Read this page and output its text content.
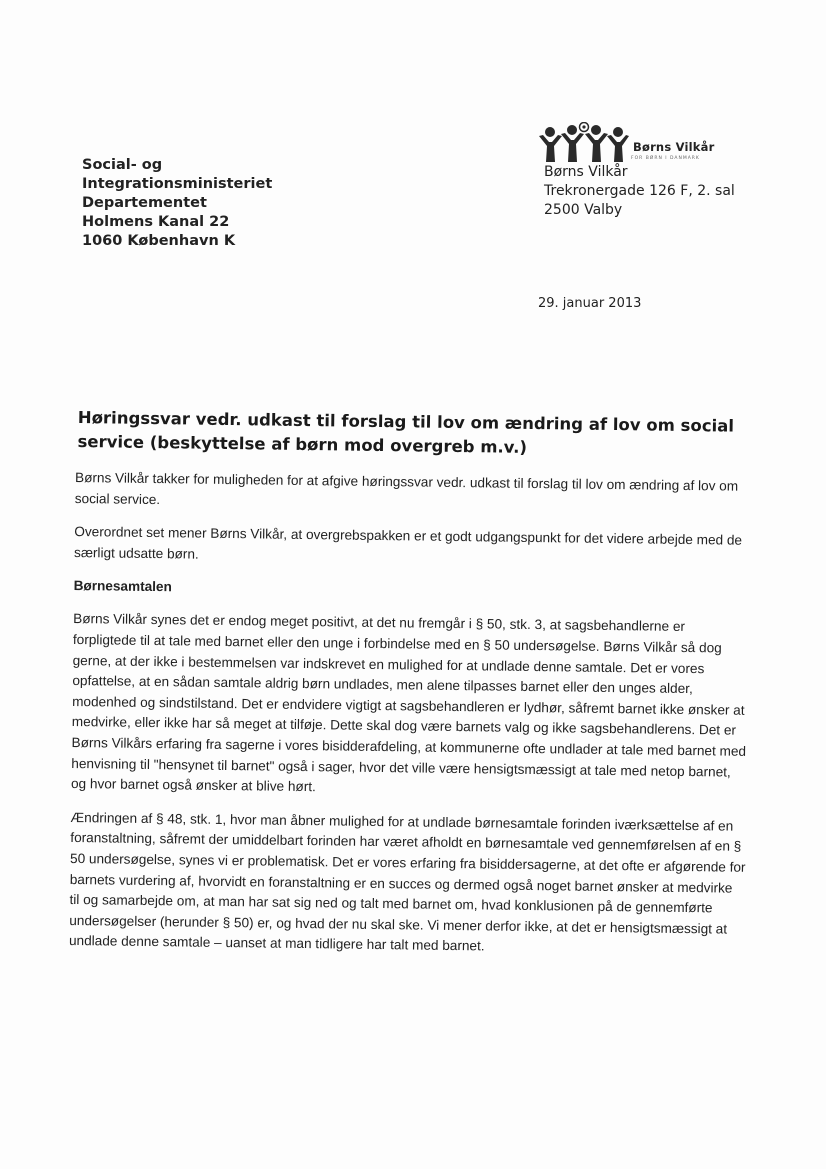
Social- og
Integrationsministeriet
Departementet
Holmens Kanal 22
1060 København K
Børns Vilkår
FOR BØRN I DANMARK
Børns Vilkår
Trekronergade 126 F, 2. sal
2500 Valby
29. januar 2013
Høringssvar vedr. udkast til forslag til lov om ændring af lov om social service (beskyttelse af børn mod overgreb m.v.)

Børns Vilkår takker for muligheden for at afgive høringssvar vedr. udkast til forslag til lov om ændring af lov om social service.

Overordnet set mener Børns Vilkår, at overgrebspakken er et godt udgangspunkt for det videre arbejde med de særligt udsatte børn.

Børnesamtalen

Børns Vilkår synes det er endog meget positivt, at det nu fremgår i § 50, stk. 3, at sagsbehandlerne er forpligtede til at tale med barnet eller den unge i forbindelse med en § 50 undersøgelse. Børns Vilkår så dog gerne, at der ikke i bestemmelsen var indskrevet en mulighed for at undlade denne samtale. Det er vores opfattelse, at en sådan samtale aldrig børn undlades, men alene tilpasses barnet eller den unges alder, modenhed og sindstilstand. Det er endvidere vigtigt at sagsbehandleren er lydhør, såfremt barnet ikke ønsker at medvirke, eller ikke har så meget at tilføje. Dette skal dog være barnets valg og ikke sagsbehandlerens. Det er Børns Vilkårs erfaring fra sagerne i vores bisidderafdeling, at kommunerne ofte undlader at tale med barnet med henvisning til "hensynet til barnet" også i sager, hvor det ville være hensigtsmæssigt at tale med netop barnet, og hvor barnet også ønsker at blive hørt.

Ændringen af § 48, stk. 1, hvor man åbner mulighed for at undlade børnesamtale forinden iværksættelse af en foranstaltning, såfremt der umiddelbart forinden har været afholdt en børnesamtale ved gennemførelsen af en § 50 undersøgelse, synes vi er problematisk. Det er vores erfaring fra bisiddersagerne, at det ofte er afgørende for barnets vurdering af, hvorvidt en foranstaltning er en succes og dermed også noget barnet ønsker at medvirke til og samarbejde om, at man har sat sig ned og talt med barnet om, hvad konklusionen på de gennemførte undersøgelser (herunder § 50) er, og hvad der nu skal ske. Vi mener derfor ikke, at det er hensigtsmæssigt at undlade denne samtale – uanset at man tidligere har talt med barnet.
